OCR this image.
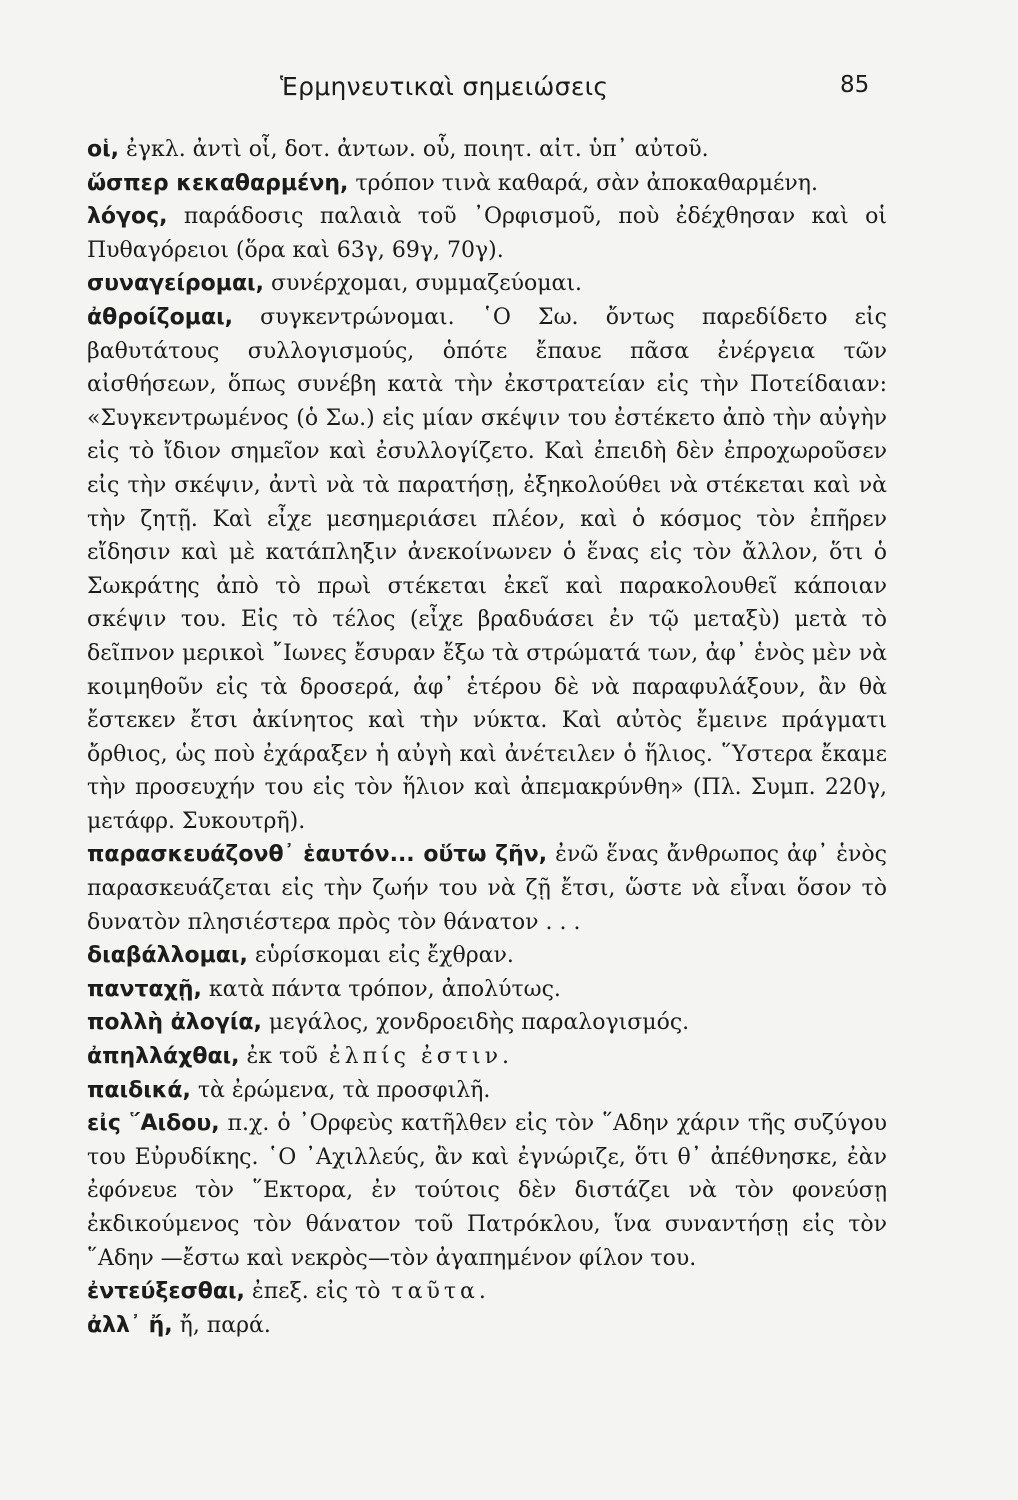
Ἑρμηνευτικαὶ σημειώσεις	85

οἱ, ἐγκλ. ἀντὶ οἷ, δοτ. ἀντων. οὗ, ποιητ. αἰτ. ὑπ᾿ αὐτοῦ.

ὥσπερ κεκαθαρμένη, τρόπον τινὰ καθαρά, σὰν ἀποκαθαρμένη.

λόγος, παράδοσις παλαιὰ τοῦ ᾿Ορφισμοῦ, ποὺ ἐδέχθησαν καὶ οἱ Πυθαγόρειοι (ὅρα καὶ 63γ, 69γ, 70γ).

συναγείρομαι, συνέρχομαι, συμμαζεύομαι.

ἀθροίζομαι, συγκεντρώνομαι. ῾Ο Σω. ὄντως παρεδίδετο εἰς βαθυτάτους συλλογισμούς, ὁπότε ἔπαυε πᾶσα ἐνέργεια τῶν αἰσθήσεων, ὅπως συνέβη κατὰ τὴν ἐκστρατείαν εἰς τὴν Ποτείδαιαν: «Συγκεντρωμένος (ὁ Σω.) εἰς μίαν σκέψιν του ἐστέκετο ἀπὸ τὴν αὐγὴν εἰς τὸ ἴδιον σημεῖον καὶ ἐσυλλογίζετο. Καὶ ἐπειδὴ δὲν ἐπροχωροῦσεν εἰς τὴν σκέψιν, ἀντὶ νὰ τὰ παρατήσῃ, ἐξηκολούθει νὰ στέκεται καὶ νὰ τὴν ζητῇ. Καὶ εἶχε μεσημεριάσει πλέον, καὶ ὁ κόσμος τὸν ἐπῆρεν εἴδησιν καὶ μὲ κατάπληξιν ἀνεκοίνωνεν ὁ ἕνας εἰς τὸν ἄλλον, ὅτι ὁ Σωκράτης ἀπὸ τὸ πρωὶ στέκεται ἐκεῖ καὶ παρακολουθεῖ κάποιαν σκέψιν του. Εἰς τὸ τέλος (εἶχε βραδυάσει ἐν τῷ μεταξὺ) μετὰ τὸ δεῖπνον μερικοὶ ῎Ιωνες ἔσυραν ἔξω τὰ στρώματά των, ἀφ᾿ ἑνὸς μὲν νὰ κοιμηθοῦν εἰς τὰ δροσερά, ἀφ᾿ ἑτέρου δὲ νὰ παραφυλάξουν, ἂν θὰ ἔστεκεν ἔτσι ἀκίνητος καὶ τὴν νύκτα. Καὶ αὐτὸς ἔμεινε πράγματι ὄρθιος, ὡς ποὺ ἐχάραξεν ἡ αὐγὴ καὶ ἀνέτειλεν ὁ ἥλιος. ῞Υστερα ἔκαμε τὴν προσευχήν του εἰς τὸν ἥλιον καὶ ἀπεμακρύνθη» (Πλ. Συμπ. 220γ, μετάφρ. Συκουτρῆ).

παρασκευάζονθ᾿ ἑαυτόν... οὕτω ζῆν, ἐνῶ ἕνας ἄνθρωπος ἀφ᾿ ἑνὸς παρασκευάζεται εἰς τὴν ζωήν του νὰ ζῇ ἔτσι, ὥστε νὰ εἶναι ὅσον τὸ δυνατὸν πλησιέστερα πρὸς τὸν θάνατον . . .

διαβάλλομαι, εὑρίσκομαι εἰς ἔχθραν.

πανταχῇ, κατὰ πάντα τρόπον, ἀπολύτως.

πολλὴ ἀλογία, μεγάλος, χονδροειδὴς παραλογισμός.

ἀπηλλάχθαι, ἐκ τοῦ ἐλπίς ἐστιν.

παιδικά, τὰ ἐρώμενα, τὰ προσφιλῆ.

εἰς ῞Αιδου, π.χ. ὁ ᾿Ορφεὺς κατῆλθεν εἰς τὸν ῞Αδην χάριν τῆς συζύγου του Εὐρυδίκης. ῾Ο ᾿Αχιλλεύς, ἂν καὶ ἐγνώριζε, ὅτι θ᾿ ἀπέθνησκε, ἐὰν ἐφόνευε τὸν ῞Εκτορα, ἐν τούτοις δὲν διστάζει νὰ τὸν φονεύσῃ ἐκδικούμενος τὸν θάνατον τοῦ Πατρόκλου, ἵνα συναντήσῃ εἰς τὸν ῞Αδην —ἔστω καὶ νεκρὸς—τὸν ἀγαπημένον φίλον του.

ἐντεύξεσθαι, ἐπεξ. εἰς τὸ ταῦτα.

ἀλλ᾿ ἤ, ἤ, παρά.
